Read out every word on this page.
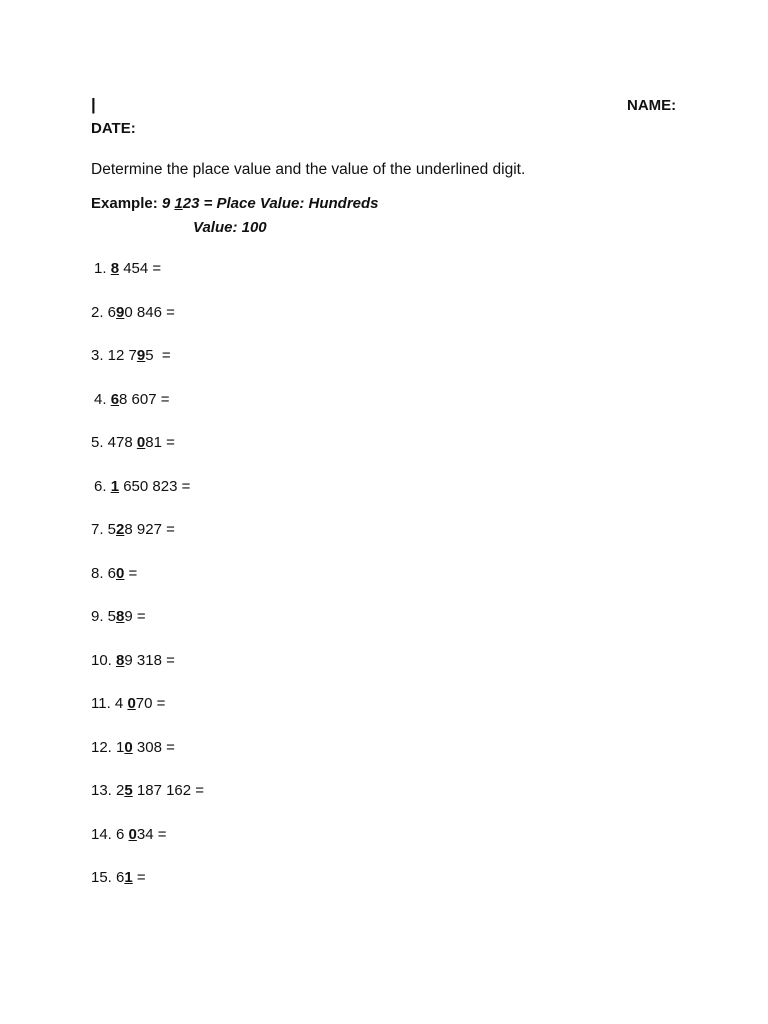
|	NAME:
DATE:
Determine the place value and the value of the underlined digit.
Example: 9 123 = Place Value: Hundreds
Value: 100
1. 8 454 =
2. 690 846 =
3. 12 795  =
4. 68 607 =
5. 478 081 =
6. 1 650 823 =
7. 528 927 =
8. 60 =
9. 589 =
10. 89 318 =
11. 4 070 =
12. 10 308 =
13. 25 187 162 =
14. 6 034 =
15. 61 =
